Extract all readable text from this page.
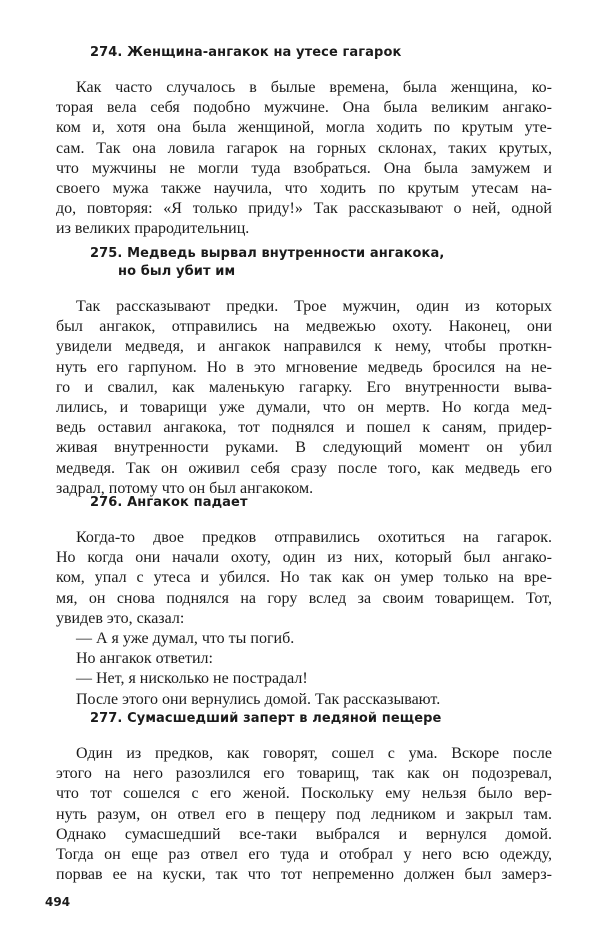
274. Женщина-ангакок на утесе гагарок
Как часто случалось в былые времена, была женщина, ко-
торая вела себя подобно мужчине. Она была великим ангако-
ком и, хотя она была женщиной, могла ходить по крутым уте-
сам. Так она ловила гагарок на горных склонах, таких крутых,
что мужчины не могли туда взобраться. Она была замужем и
своего мужа также научила, что ходить по крутым утесам на-
до, повторяя: «Я только приду!» Так рассказывают о ней, одной
из великих прародительниц.
275. Медведь вырвал внутренности ангакока,
но был убит им
Так рассказывают предки. Трое мужчин, один из которых
был ангакок, отправились на медвежью охоту. Наконец, они
увидели медведя, и ангакок направился к нему, чтобы проткн-
нуть его гарпуном. Но в это мгновение медведь бросился на не-
го и свалил, как маленькую гагарку. Его внутренности выва-
лились, и товарищи уже думали, что он мертв. Но когда мед-
ведь оставил ангакока, тот поднялся и пошел к саням, придер-
живая внутренности руками. В следующий момент он убил
медведя. Так он оживил себя сразу после того, как медведь его
задрал, потому что он был ангакоком.
276. Ангакок падает
Когда-то двое предков отправились охотиться на гагарок.
Но когда они начали охоту, один из них, который был ангако-
ком, упал с утеса и убился. Но так как он умер только на вре-
мя, он снова поднялся на гору вслед за своим товарищем. Тот,
увидев это, сказал:
— А я уже думал, что ты погиб.
Но ангакок ответил:
— Нет, я нисколько не пострадал!
После этого они вернулись домой. Так рассказывают.
277. Сумасшедший заперт в ледяной пещере
Один из предков, как говорят, сошел с ума. Вскоре после
этого на него разозлился его товарищ, так как он подозревал,
что тот сошелся с его женой. Поскольку ему нельзя было вер-
нуть разум, он отвел его в пещеру под ледником и закрыл там.
Однако сумасшедший все-таки выбрался и вернулся домой.
Тогда он еще раз отвел его туда и отобрал у него всю одежду,
порвав ее на куски, так что тот непременно должен был замерз-
494
